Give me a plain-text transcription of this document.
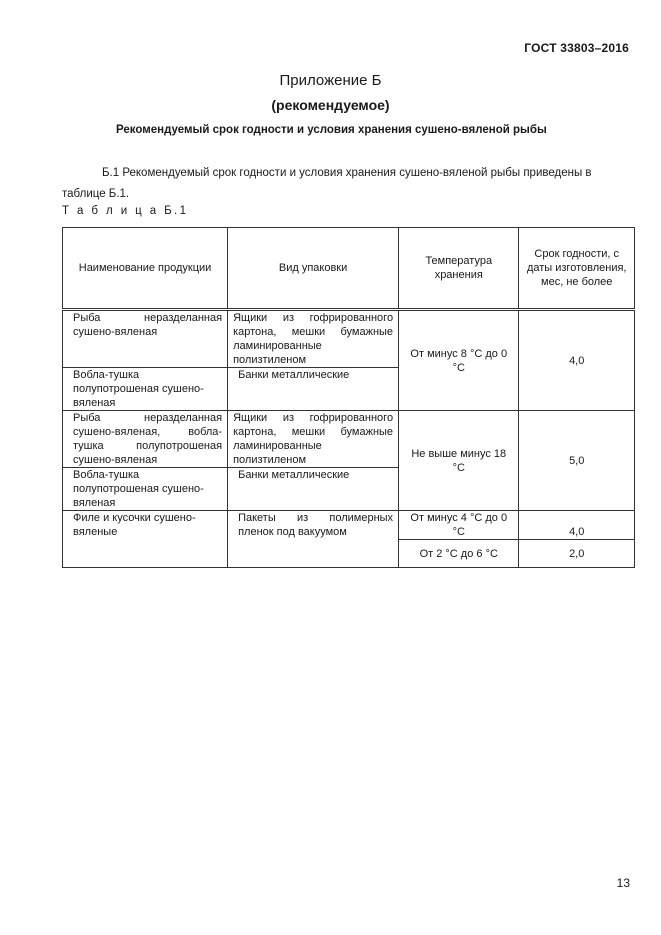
ГОСТ 33803–2016
Приложение Б
(рекомендуемое)
Рекомендуемый срок годности и условия хранения сушено-вяленой рыбы
Б.1 Рекомендуемый срок годности и условия хранения сушено-вяленой рыбы приведены в таблице Б.1.
Т а б л и ц а Б.1
Наименование продукции	Вид упаковки	Температура хранения	Срок годности, с даты изготовления, мес, не более
Рыба неразделанная сушено-вяленая	Ящики из гофрированного картона, мешки бумажные ламинированные полизтиленом	От минус 8 °С до 0 °С	4,0
Вобла-тушка полупотрошеная сушено-вяленая	Банки металлические		
Рыба неразделанная сушено-вяленая, вобла-тушка полупотрошеная сушено-вяленая	Ящики из гофрированного картона, мешки бумажные ламинированные полизтиленом	Не выше минус 18 °С	5,0
Вобла-тушка полупотрошеная сушено-вяленая	Банки металлические		
Филе и кусочки сушено-вяленые	Пакеты из полимерных пленок под вакуумом	От минус 4 °С до 0 °С	4,0
		От 2 °С до 6 °С	2,0
13
